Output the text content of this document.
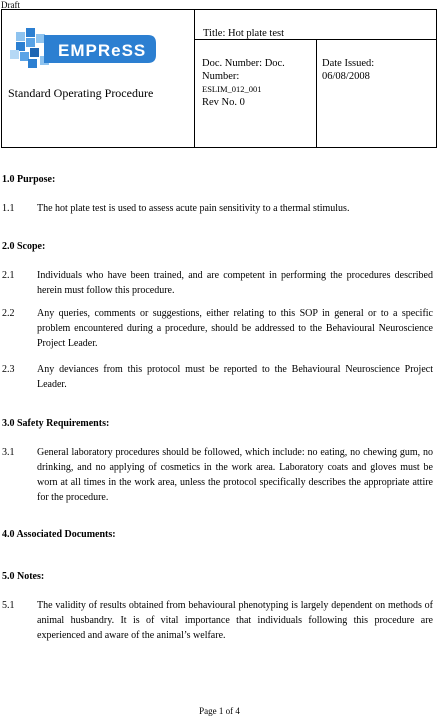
Draft
EMPReSS
Standard Operating Procedure
Title: Hot plate test
Doc. Number: Doc. Number:
ESLIM_012_001
Rev No. 0
Date Issued:
06/08/2008
1.0 Purpose:
1.1 The hot plate test is used to assess acute pain sensitivity to a thermal stimulus.
2.0 Scope:
2.1 Individuals who have been trained, and are competent in performing the procedures described herein must follow this procedure.
2.2 Any queries, comments or suggestions, either relating to this SOP in general or to a specific problem encountered during a procedure, should be addressed to the Behavioural Neuroscience Project Leader.
2.3 Any deviances from this protocol must be reported to the Behavioural Neuroscience Project Leader.
3.0 Safety Requirements:
3.1 General laboratory procedures should be followed, which include: no eating, no chewing gum, no drinking, and no applying of cosmetics in the work area. Laboratory coats and gloves must be worn at all times in the work area, unless the protocol specifically describes the appropriate attire for the procedure.
4.0 Associated Documents:
5.0 Notes:
5.1 The validity of results obtained from behavioural phenotyping is largely dependent on methods of animal husbandry. It is of vital importance that individuals following this procedure are experienced and aware of the animal’s welfare.
Page 1 of 4
